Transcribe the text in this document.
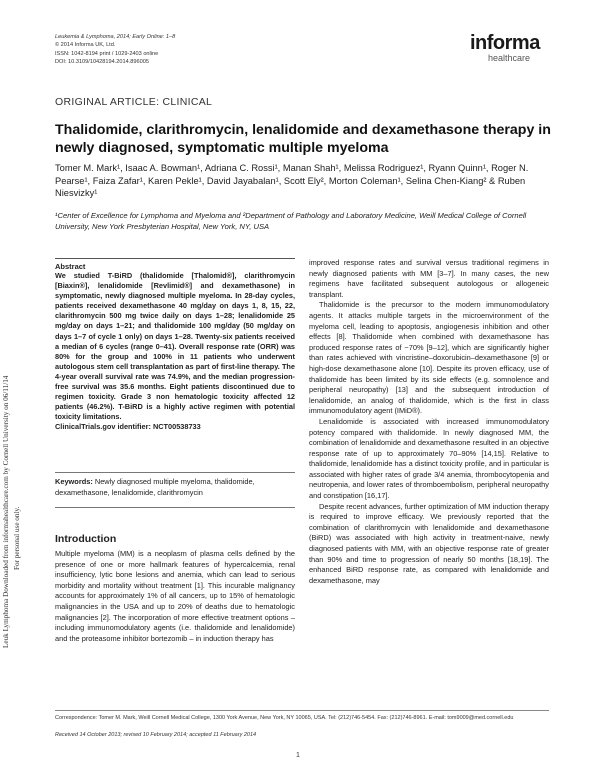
Leuk Lymphoma Downloaded from informahealthcare.com by Cornell University on 06/11/14 For personal use only.
Leukemia & Lymphoma, 2014; Early Online: 1–8
© 2014 Informa UK, Ltd.
ISSN: 1042-8194 print / 1029-2403 online
DOI: 10.3109/10428194.2014.896005
informa
healthcare
ORIGINAL ARTICLE: CLINICAL
Thalidomide, clarithromycin, lenalidomide and dexamethasone therapy in newly diagnosed, symptomatic multiple myeloma
Tomer M. Mark¹, Isaac A. Bowman¹, Adriana C. Rossi¹, Manan Shah¹, Melissa Rodriguez¹, Ryann Quinn¹, Roger N. Pearse¹, Faiza Zafar¹, Karen Pekle¹, David Jayabalan¹, Scott Ely², Morton Coleman¹, Selina Chen-Kiang² & Ruben Niesvizky¹
¹Center of Excellence for Lymphoma and Myeloma and ²Department of Pathology and Laboratory Medicine, Weill Medical College of Cornell University, New York Presbyterian Hospital, New York, NY, USA
Abstract
We studied T-BiRD (thalidomide [Thalomid®], clarithromycin [Biaxin®], lenalidomide [Revlimid®] and dexamethasone) in symptomatic, newly diagnosed multiple myeloma. In 28-day cycles, patients received dexamethasone 40 mg/day on days 1, 8, 15, 22, clarithromycin 500 mg twice daily on days 1–28; lenalidomide 25 mg/day on days 1–21; and thalidomide 100 mg/day (50 mg/day on days 1–7 of cycle 1 only) on days 1–28. Twenty-six patients received a median of 6 cycles (range 0–41). Overall response rate (ORR) was 80% for the group and 100% in 11 patients who underwent autologous stem cell transplantation as part of first-line therapy. The 4-year overall survival rate was 74.9%, and the median progression-free survival was 35.6 months. Eight patients discontinued due to regimen toxicity. Grade 3 non hematologic toxicity affected 12 patients (46.2%). T-BiRD is a highly active regimen with potential toxicity limitations.
ClinicalTrials.gov identifier: NCT00538733
Keywords: Newly diagnosed multiple myeloma, thalidomide, dexamethasone, lenalidomide, clarithromycin
Introduction
Multiple myeloma (MM) is a neoplasm of plasma cells defined by the presence of one or more hallmark features of hypercalcemia, renal insufficiency, lytic bone lesions and anemia, which can lead to serious morbidity and mortality without treatment [1]. This incurable malignancy accounts for approximately 1% of all cancers, up to 15% of hematologic malignancies in the USA and up to 20% of deaths due to hematologic malignancies [2]. The incorporation of more effective treatment options – including immunomodulatory agents (i.e. thalidomide and lenalidomide) and the proteasome inhibitor bortezomib – in induction therapy has

improved response rates and survival versus traditional regimens in newly diagnosed patients with MM [3–7]. In many cases, the new regimens have facilitated subsequent autologous or allogeneic transplant.

Thalidomide is the precursor to the modern immunomodulatory agents. It attacks multiple targets in the microenvironment of the myeloma cell, leading to apoptosis, angiogenesis inhibition and other effects [8]. Thalidomide when combined with dexamethasone has produced response rates of ~70% [9–12], which are significantly higher than rates achieved with vincristine–doxorubicin–dexamethasone [9] or high-dose dexamethasone alone [10]. Despite its proven efficacy, use of thalidomide has been limited by its side effects (e.g. somnolence and peripheral neuropathy) [13] and the subsequent introduction of lenalidomide, an analog of thalidomide, which is the first in class immunomodulatory agent (IMiD®).

Lenalidomide is associated with increased immunomodulatory potency compared with thalidomide. In newly diagnosed MM, the combination of lenalidomide and dexamethasone resulted in an objective response rate of up to approximately 70–90% [14,15]. Relative to thalidomide, lenalidomide has a distinct toxicity profile, and in particular is associated with higher rates of grade 3/4 anemia, thrombocytopenia and neutropenia, and lower rates of thromboembolism, peripheral neuropathy and constipation [16,17].

Despite recent advances, further optimization of MM induction therapy is required to improve efficacy. We previously reported that the combination of clarithromycin with lenalidomide and dexamethasone (BiRD) was associated with high activity in treatment-naive, newly diagnosed patients with MM, with an objective response rate of greater than 90% and time to progression of nearly 50 months [18,19]. The enhanced BiRD response rate, as compared with lenalidomide and dexamethasone, may

Correspondence: Tomer M. Mark, Weill Cornell Medical College, 1300 York Avenue, New York, NY 10065, USA. Tel: (212)746-5454. Fax: (212)746-8961. E-mail: tom9009@med.cornell.edu
Received 14 October 2013; revised 10 February 2014; accepted 11 February 2014
1
